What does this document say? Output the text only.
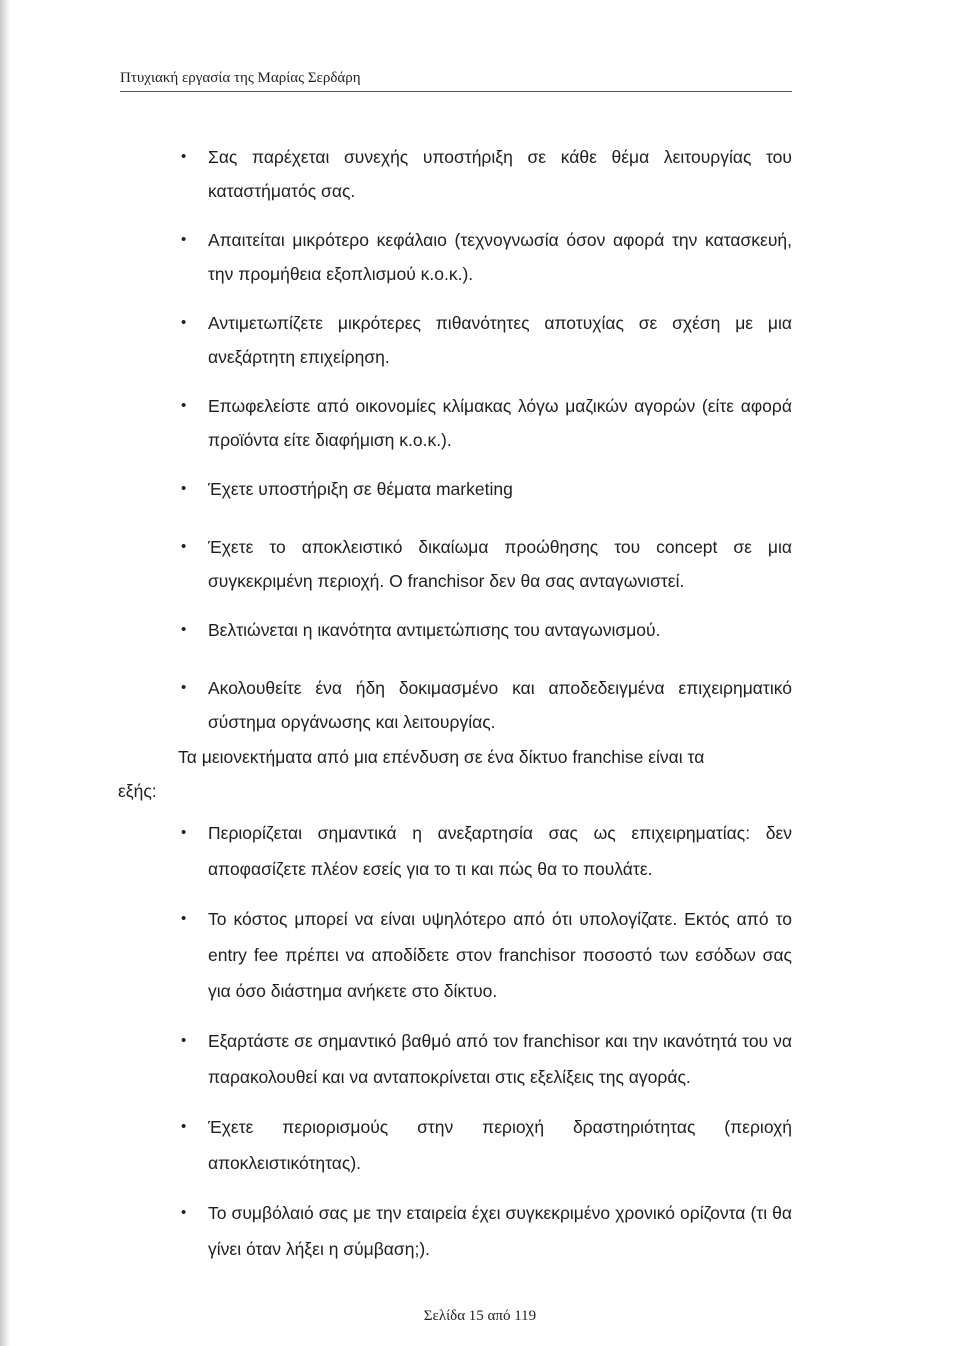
Πτυχιακή εργασία της Μαρίας Σερδάρη
• Σας παρέχεται συνεχής υποστήριξη σε κάθε θέμα λειτουργίας του καταστήματός σας.
• Απαιτείται μικρότερο κεφάλαιο (τεχνογνωσία όσον αφορά την κατασκευή, την προμήθεια εξοπλισμού κ.ο.κ.).
• Αντιμετωπίζετε μικρότερες πιθανότητες αποτυχίας σε σχέση με μια ανεξάρτητη επιχείρηση.
• Επωφελείστε από οικονομίες κλίμακας λόγω μαζικών αγορών (είτε αφορά προϊόντα είτε διαφήμιση κ.ο.κ.).
• Έχετε υποστήριξη σε θέματα marketing
• Έχετε το αποκλειστικό δικαίωμα προώθησης του concept σε μια συγκεκριμένη περιοχή. Ο franchisor δεν θα σας ανταγωνιστεί.
• Βελτιώνεται η ικανότητα αντιμετώπισης του ανταγωνισμού.
• Ακολουθείτε ένα ήδη δοκιμασμένο και αποδεδειγμένα επιχειρηματικό σύστημα οργάνωσης και λειτουργίας.
Τα μειονεκτήματα από μια επένδυση σε ένα δίκτυο franchise είναι τα
εξής:
• Περιορίζεται σημαντικά η ανεξαρτησία σας ως επιχειρηματίας: δεν αποφασίζετε πλέον εσείς για το τι και πώς θα το πουλάτε.
• Το κόστος μπορεί να είναι υψηλότερο από ότι υπολογίζατε. Εκτός από το entry fee πρέπει να αποδίδετε στον franchisor ποσοστό των εσόδων σας για όσο διάστημα ανήκετε στο δίκτυο.
• Εξαρτάστε σε σημαντικό βαθμό από τον franchisor και την ικανότητά του να παρακολουθεί και να ανταποκρίνεται στις εξελίξεις της αγοράς.
• Έχετε περιορισμούς στην περιοχή δραστηριότητας (περιοχή αποκλειστικότητας).
• Το συμβόλαιό σας με την εταιρεία έχει συγκεκριμένο χρονικό ορίζοντα (τι θα γίνει όταν λήξει η σύμβαση;).
Σελίδα 15 από 119
